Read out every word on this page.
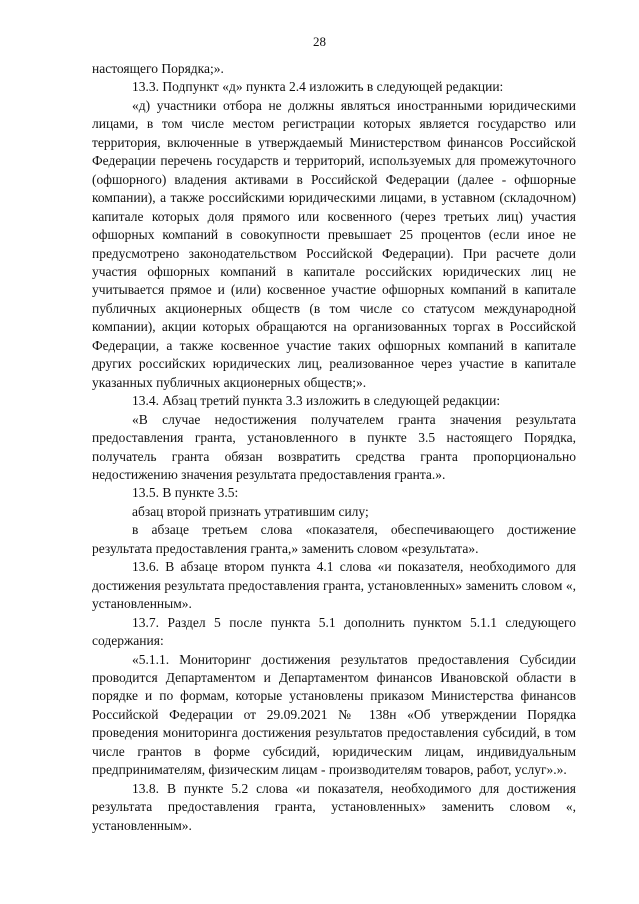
28

настоящего Порядка;».

13.3. Подпункт «д» пункта 2.4 изложить в следующей редакции:

«д) участники отбора не должны являться иностранными юридическими лицами, в том числе местом регистрации которых является государство или территория, включенные в утверждаемый Министерством финансов Российской Федерации перечень государств и территорий, используемых для промежуточного (офшорного) владения активами в Российской Федерации (далее - офшорные компании), а также российскими юридическими лицами, в уставном (складочном) капитале которых доля прямого или косвенного (через третьих лиц) участия офшорных компаний в совокупности превышает 25 процентов (если иное не предусмотрено законодательством Российской Федерации). При расчете доли участия офшорных компаний в капитале российских юридических лиц не учитывается прямое и (или) косвенное участие офшорных компаний в капитале публичных акционерных обществ (в том числе со статусом международной компании), акции которых обращаются на организованных торгах в Российской Федерации, а также косвенное участие таких офшорных компаний в капитале других российских юридических лиц, реализованное через участие в капитале указанных публичных акционерных обществ;».

13.4. Абзац третий пункта 3.3 изложить в следующей редакции:

«В случае недостижения получателем гранта значения результата предоставления гранта, установленного в пункте 3.5 настоящего Порядка, получатель гранта обязан возвратить средства гранта пропорционально недостижению значения результата предоставления гранта.».

13.5. В пункте 3.5:

абзац второй признать утратившим силу;

в абзаце третьем слова «показателя, обеспечивающего достижение результата предоставления гранта,» заменить словом «результата».

13.6. В абзаце втором пункта 4.1 слова «и показателя, необходимого для достижения результата предоставления гранта, установленных» заменить словом «, установленным».

13.7. Раздел 5 после пункта 5.1 дополнить пунктом 5.1.1 следующего содержания:

«5.1.1. Мониторинг достижения результатов предоставления Субсидии проводится Департаментом и Департаментом финансов Ивановской области в порядке и по формам, которые установлены приказом Министерства финансов Российской Федерации от 29.09.2021 № 138н «Об утверждении Порядка проведения мониторинга достижения результатов предоставления субсидий, в том числе грантов в форме субсидий, юридическим лицам, индивидуальным предпринимателям, физическим лицам - производителям товаров, работ, услуг».».

13.8. В пункте 5.2 слова «и показателя, необходимого для достижения результата предоставления гранта, установленных» заменить словом «, установленным».
